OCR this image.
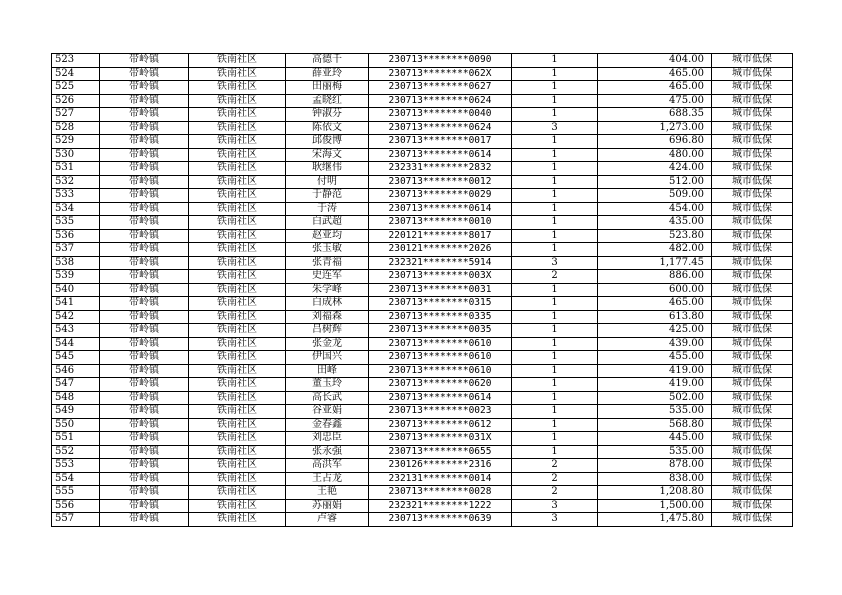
523	带岭镇	铁南社区	高德千	230713********0090	1	404.00	城市低保
524	带岭镇	铁南社区	薛亚玲	230713********062X	1	465.00	城市低保
525	带岭镇	铁南社区	田丽梅	230713********0627	1	465.00	城市低保
526	带岭镇	铁南社区	孟晓红	230713********0624	1	475.00	城市低保
527	带岭镇	铁南社区	钟淑芬	230713********0040	1	688.35	城市低保
528	带岭镇	铁南社区	陈依文	230713********0624	3	1,273.00	城市低保
529	带岭镇	铁南社区	邱俊博	230713********0017	1	696.80	城市低保
530	带岭镇	铁南社区	宋海文	230713********0614	1	480.00	城市低保
531	带岭镇	铁南社区	耿继伟	232331********2832	1	424.00	城市低保
532	带岭镇	铁南社区	付明	230713********0012	1	512.00	城市低保
533	带岭镇	铁南社区	于静范	230713********0029	1	509.00	城市低保
534	带岭镇	铁南社区	于涛	230713********0614	1	454.00	城市低保
535	带岭镇	铁南社区	白武超	230713********0010	1	435.00	城市低保
536	带岭镇	铁南社区	赵亚均	220121********8017	1	523.80	城市低保
537	带岭镇	铁南社区	张玉敏	230121********2026	1	482.00	城市低保
538	带岭镇	铁南社区	张青福	232321********5914	3	1,177.45	城市低保
539	带岭镇	铁南社区	史连军	230713********003X	2	886.00	城市低保
540	带岭镇	铁南社区	朱学峰	230713********0031	1	600.00	城市低保
541	带岭镇	铁南社区	白成林	230713********0315	1	465.00	城市低保
542	带岭镇	铁南社区	刘福森	230713********0335	1	613.80	城市低保
543	带岭镇	铁南社区	吕树辉	230713********0035	1	425.00	城市低保
544	带岭镇	铁南社区	张金龙	230713********0610	1	439.00	城市低保
545	带岭镇	铁南社区	伊国兴	230713********0610	1	455.00	城市低保
546	带岭镇	铁南社区	田峰	230713********0610	1	419.00	城市低保
547	带岭镇	铁南社区	董玉玲	230713********0620	1	419.00	城市低保
548	带岭镇	铁南社区	高长武	230713********0614	1	502.00	城市低保
549	带岭镇	铁南社区	谷亚娟	230713********0023	1	535.00	城市低保
550	带岭镇	铁南社区	金春鑫	230713********0612	1	568.80	城市低保
551	带岭镇	铁南社区	刘忠臣	230713********031X	1	445.00	城市低保
552	带岭镇	铁南社区	张永强	230713********0655	1	535.00	城市低保
553	带岭镇	铁南社区	高洪军	230126********2316	2	878.00	城市低保
554	带岭镇	铁南社区	王占龙	232131********0014	2	838.00	城市低保
555	带岭镇	铁南社区	王艳	230713********0028	2	1,208.80	城市低保
556	带岭镇	铁南社区	苏丽娟	232321********1222	3	1,500.00	城市低保
557	带岭镇	铁南社区	卢睿	230713********0639	3	1,475.80	城市低保
